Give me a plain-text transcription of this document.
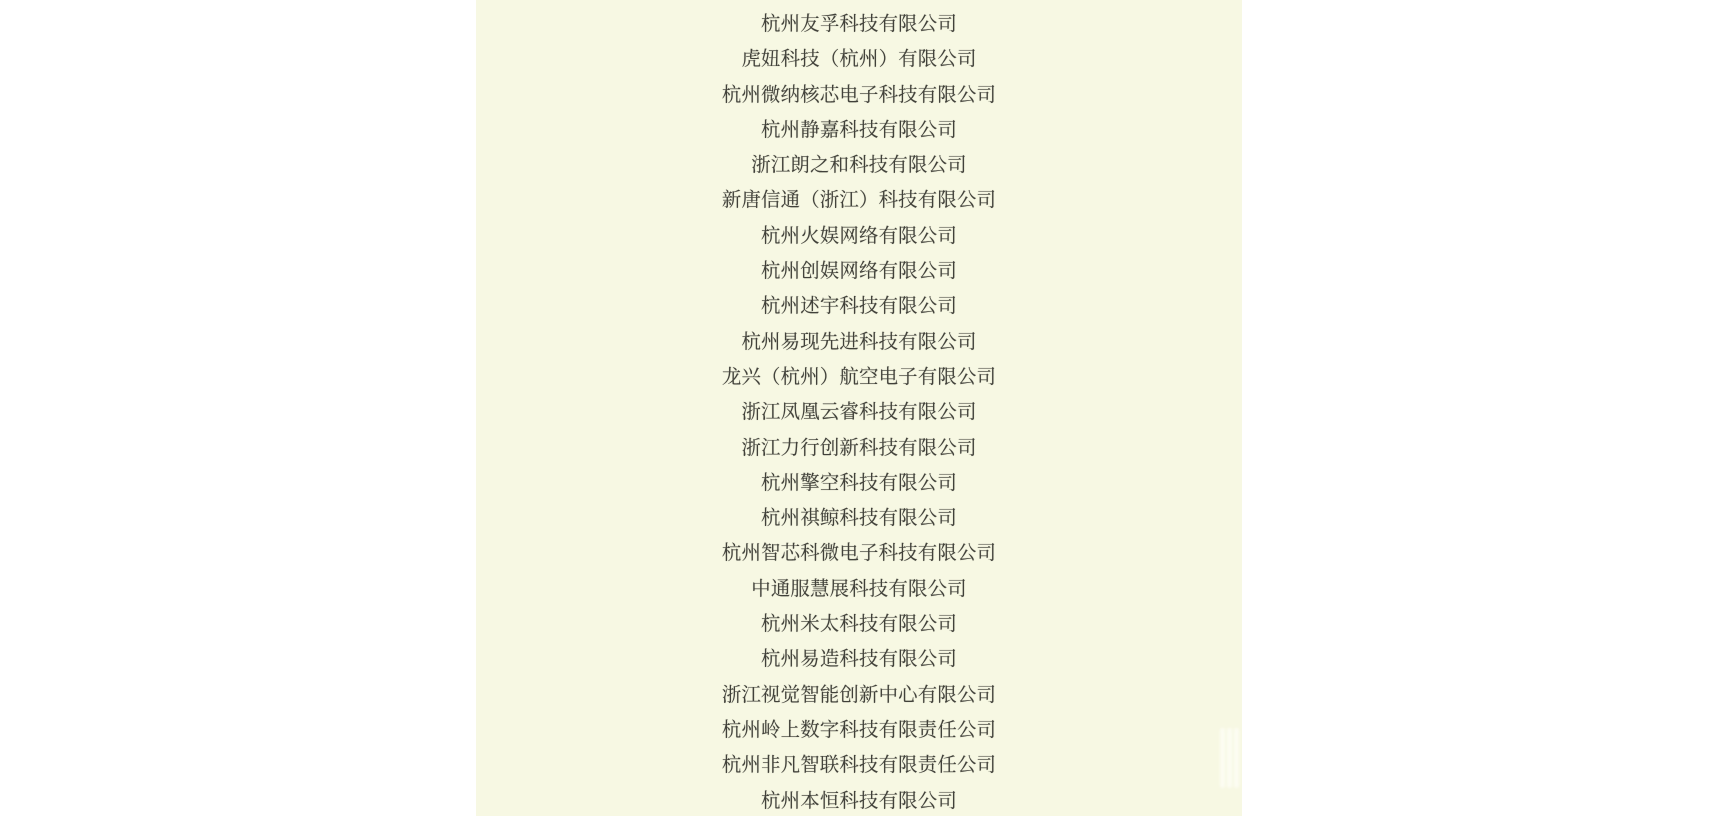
杭州友孚科技有限公司
虎妞科技（杭州）有限公司
杭州微纳核芯电子科技有限公司
杭州静嘉科技有限公司
浙江朗之和科技有限公司
新唐信通（浙江）科技有限公司
杭州火娱网络有限公司
杭州创娱网络有限公司
杭州述宇科技有限公司
杭州易现先进科技有限公司
龙兴（杭州）航空电子有限公司
浙江凤凰云睿科技有限公司
浙江力行创新科技有限公司
杭州擎空科技有限公司
杭州祺鲸科技有限公司
杭州智芯科微电子科技有限公司
中通服慧展科技有限公司
杭州米太科技有限公司
杭州易造科技有限公司
浙江视觉智能创新中心有限公司
杭州岭上数字科技有限责任公司
杭州非凡智联科技有限责任公司
杭州本恒科技有限公司
